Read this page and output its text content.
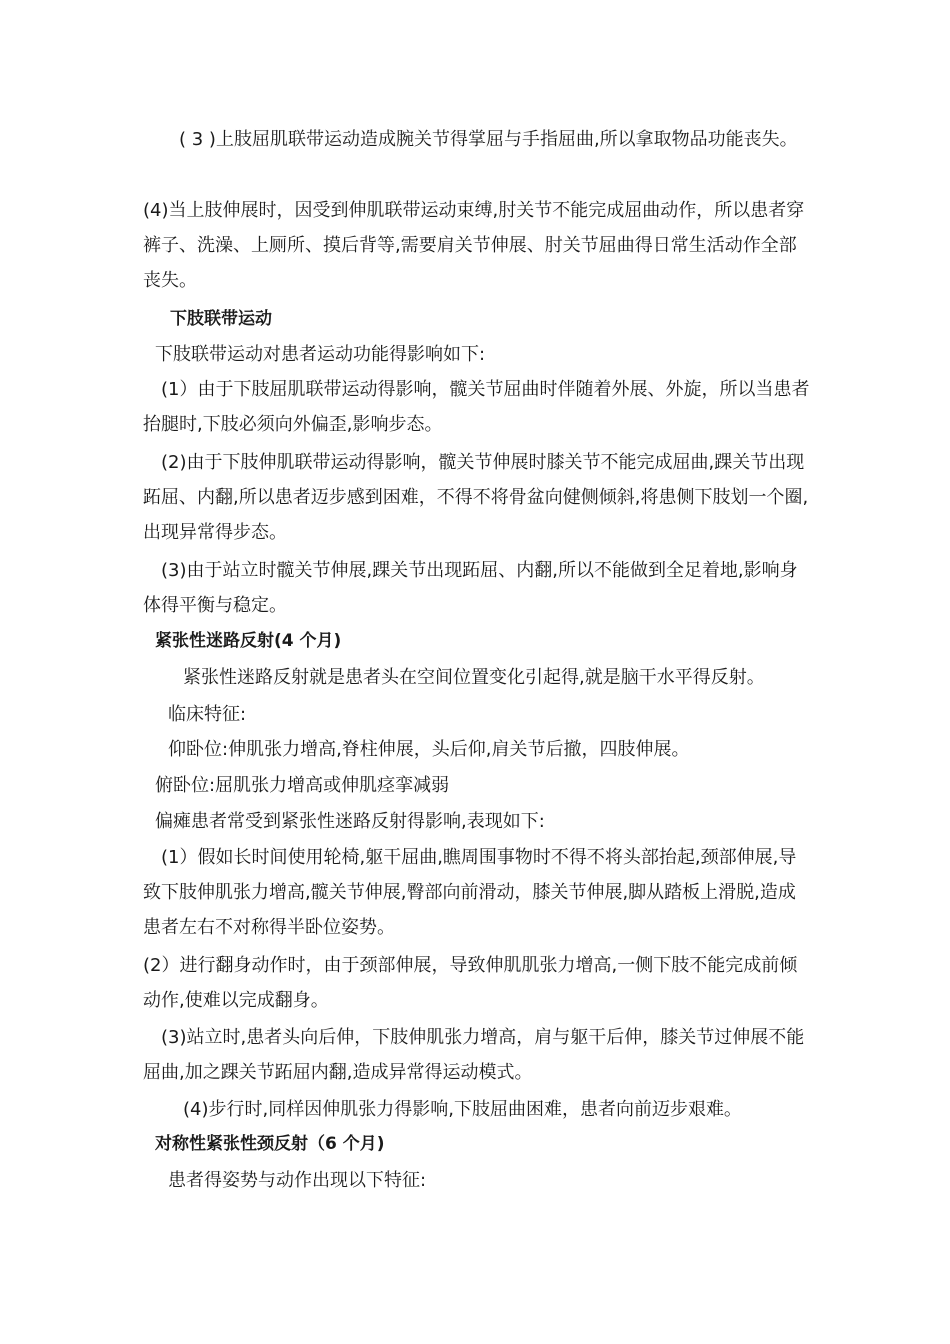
　　( 3 )上肢屈肌联带运动造成腕关节得掌屈与手指屈曲,所以拿取物品功能丧失。

(4)当上肢伸展时，因受到伸肌联带运动束缚,肘关节不能完成屈曲动作，所以患者穿裤子、洗澡、上厕所、摸后背等,需要肩关节伸展、肘关节屈曲得日常生活动作全部丧失。

下肢联带运动

下肢联带运动对患者运动功能得影响如下:

　(1）由于下肢屈肌联带运动得影响，髋关节屈曲时伴随着外展、外旋，所以当患者抬腿时,下肢必须向外偏歪,影响步态。

　(2)由于下肢伸肌联带运动得影响，髋关节伸展时膝关节不能完成屈曲,踝关节出现跖屈、内翻,所以患者迈步感到困难，不得不将骨盆向健侧倾斜,将患侧下肢划一个圈,出现异常得步态。

　(3)由于站立时髋关节伸展,踝关节出现跖屈、内翻,所以不能做到全足着地,影响身体得平衡与稳定。

紧张性迷路反射(4 个月)

紧张性迷路反射就是患者头在空间位置变化引起得,就是脑干水平得反射。

临床特征:

仰卧位:伸肌张力增高,脊柱伸展，头后仰,肩关节后撤，四肢伸展。

俯卧位:屈肌张力增高或伸肌痉挛减弱

偏瘫患者常受到紧张性迷路反射得影响,表现如下:

　(1）假如长时间使用轮椅,躯干屈曲,瞧周围事物时不得不将头部抬起,颈部伸展,导致下肢伸肌张力增高,髋关节伸展,臀部向前滑动，膝关节伸展,脚从踏板上滑脱,造成患者左右不对称得半卧位姿势。

(2）进行翻身动作时，由于颈部伸展，导致伸肌肌张力增高,一侧下肢不能完成前倾动作,使难以完成翻身。

　(3)站立时,患者头向后伸，下肢伸肌张力增高，肩与躯干后伸，膝关节过伸展不能屈曲,加之踝关节跖屈内翻,造成异常得运动模式。

(4)步行时,同样因伸肌张力得影响,下肢屈曲困难，患者向前迈步艰难。

对称性紧张性颈反射（6 个月)

患者得姿势与动作出现以下特征:
